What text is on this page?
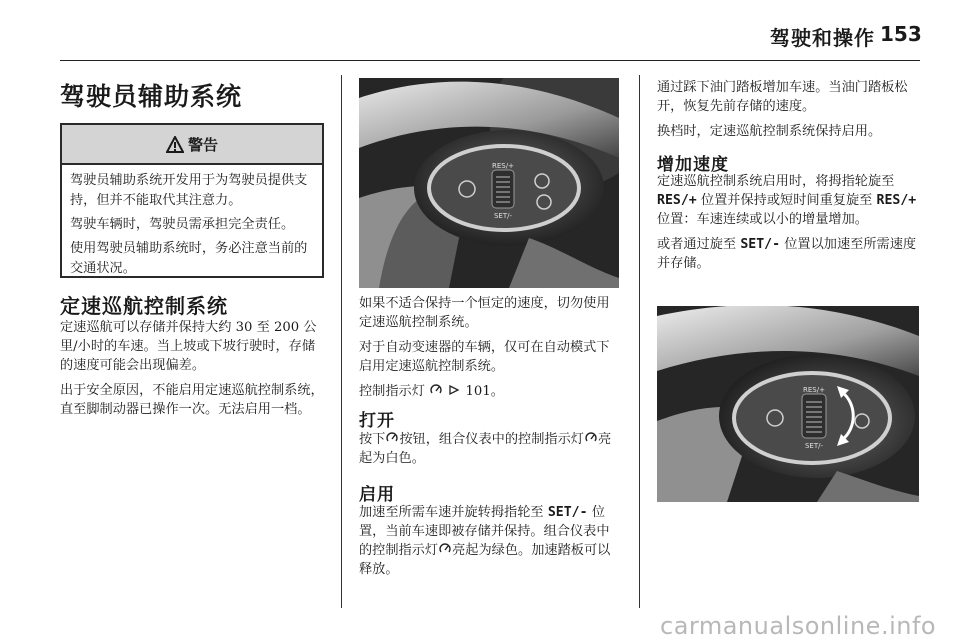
驾驶和操作 153
驾驶员辅助系统
警告

驾驶员辅助系统开发用于为驾驶员提供支持，但并不能取代其注意力。

驾驶车辆时，驾驶员需承担完全责任。

使用驾驶员辅助系统时，务必注意当前的交通状况。

定速巡航控制系统

定速巡航可以存储并保持大约 30 至 200 公里/小时的车速。当上坡或下坡行驶时，存储的速度可能会出现偏差。

出于安全原因，不能启用定速巡航控制系统，直至脚制动器已操作一次。无法启用一档。

RES/+
SET/-

如果不适合保持一个恒定的速度，切勿使用定速巡航控制系统。

对于自动变速器的车辆，仅可在自动模式下启用定速巡航控制系统。

控制指示灯	101。

打开

按下 按钮，组合仪表中的控制指示灯 亮起为白色。

启用

加速至所需车速并旋转拇指轮至 SET/- 位置，当前车速即被存储并保持。组合仪表中的控制指示灯 亮起为绿色。加速踏板可以释放。

通过踩下油门踏板增加车速。当油门踏板松开，恢复先前存储的速度。

换档时，定速巡航控制系统保持启用。

增加速度

定速巡航控制系统启用时，将拇指轮旋至 RES/+ 位置并保持或短时间重复旋至 RES/+ 位置：车速连续或以小的增量增加。

或者通过旋至 SET/- 位置以加速至所需速度并存储。

RES/+
SET/-
carmanualsonline.info
